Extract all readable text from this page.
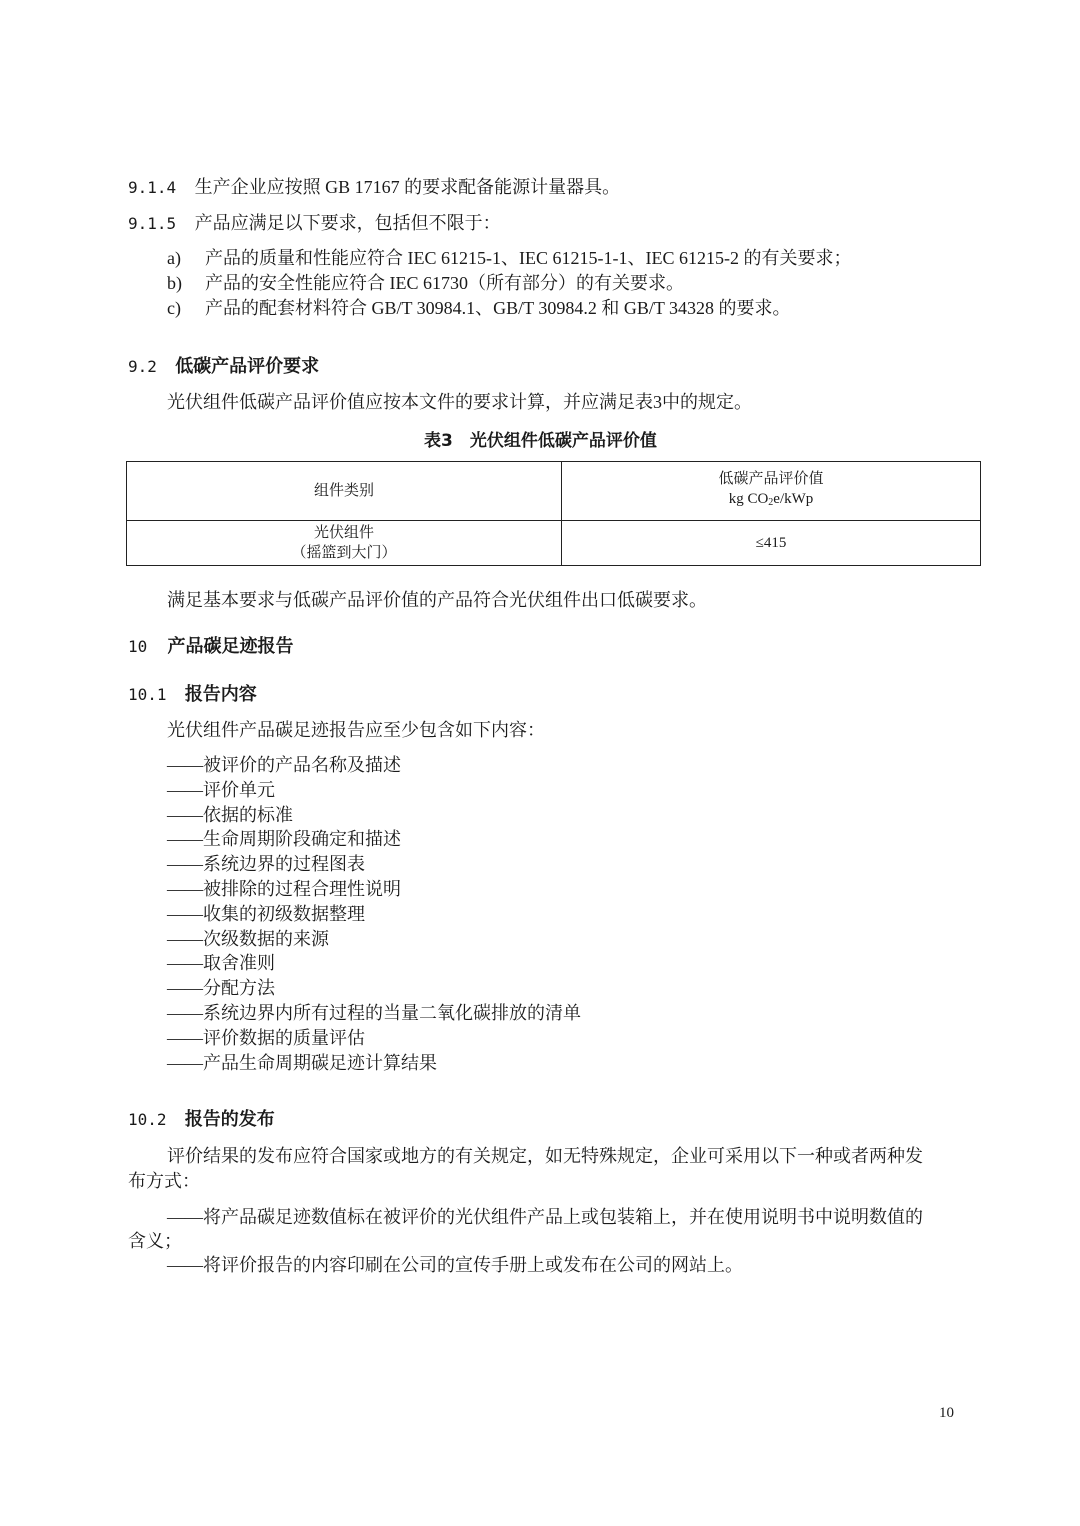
9.1.4 生产企业应按照 GB 17167 的要求配备能源计量器具。
9.1.5 产品应满足以下要求，包括但不限于：
a) 产品的质量和性能应符合 IEC 61215-1、IEC 61215-1-1、IEC 61215-2 的有关要求；
b) 产品的安全性能应符合 IEC 61730（所有部分）的有关要求。
c) 产品的配套材料符合 GB/T 30984.1、GB/T 30984.2 和 GB/T 34328 的要求。
9.2 低碳产品评价要求
光伏组件低碳产品评价值应按本文件的要求计算，并应满足表3中的规定。
表3　光伏组件低碳产品评价值
组件类别	低碳产品评价值
kg $CO_2e$/kWp

光伏组件
（摇篮到大门）	≤415
满足基本要求与低碳产品评价值的产品符合光伏组件出口低碳要求。
10 产品碳足迹报告
10.1 报告内容
光伏组件产品碳足迹报告应至少包含如下内容：
——被评价的产品名称及描述
——评价单元
——依据的标准
——生命周期阶段确定和描述
——系统边界的过程图表
——被排除的过程合理性说明
——收集的初级数据整理
——次级数据的来源
——取舍准则
——分配方法
——系统边界内所有过程的当量二氧化碳排放的清单
——评价数据的质量评估
——产品生命周期碳足迹计算结果
10.2 报告的发布
评价结果的发布应符合国家或地方的有关规定，如无特殊规定，企业可采用以下一种或者两种发
布方式：
——将产品碳足迹数值标在被评价的光伏组件产品上或包装箱上，并在使用说明书中说明数值的
含义；
——将评价报告的内容印刷在公司的宣传手册上或发布在公司的网站上。
10
